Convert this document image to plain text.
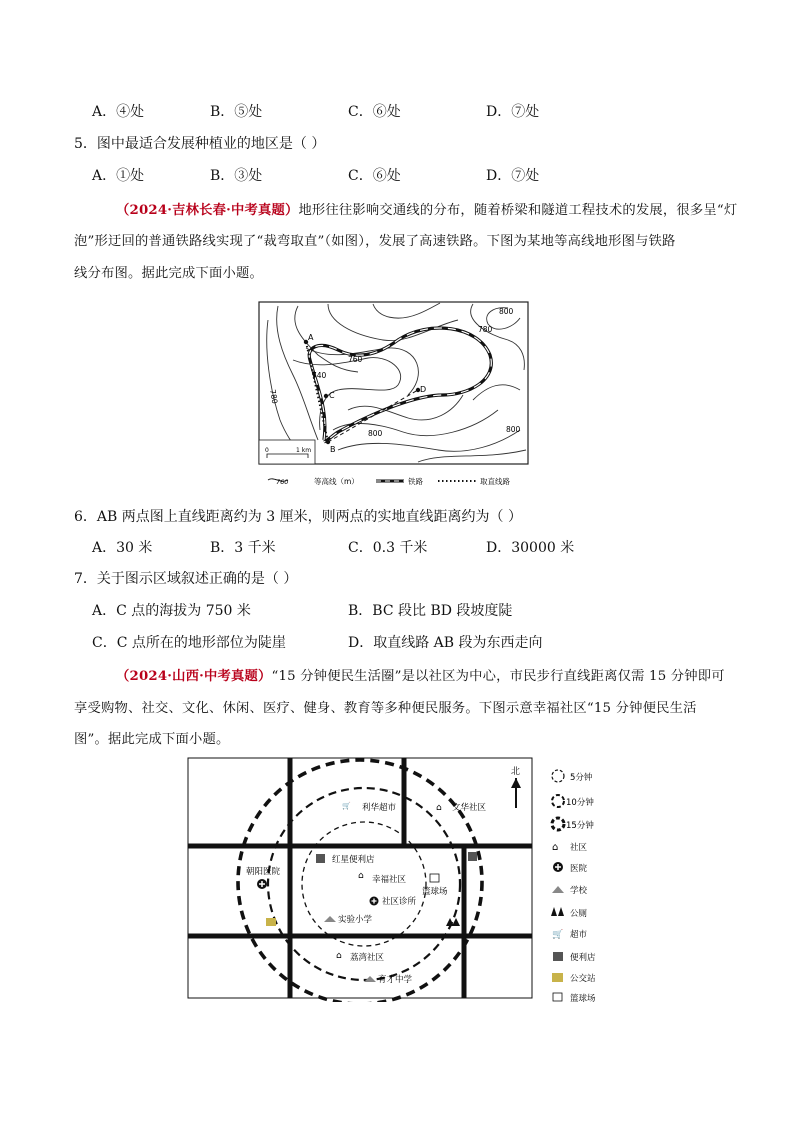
A．④处	B．⑤处	C．⑥处	D．⑦处
5．图中最适合发展种植业的地区是（ ）
A．①处	B．③处	C．⑥处	D．⑦处
（2024·吉林长春·中考真题）地形往往影响交通线的分布，随着桥梁和隧道工程技术的发展，很多呈“灯
泡”形迂回的普通铁路线实现了“裁弯取直”（如图），发展了高速铁路。下图为某地等高线地形图与铁路
线分布图。据此完成下面小题。
A
B
C
D
800
780
760
740
780
800	800
0	1 km
760	等高线（m）	铁路	取直线路
6．AB 两点图上直线距离约为 3 厘米，则两点的实地直线距离约为（ ）
A．30 米	B．3 千米	C．0.3 千米	D．30000 米
7．关于图示区域叙述正确的是（ ）
A．C 点的海拔为 750 米	B．BC 段比 BD 段坡度陡
C．C 点所在的地形部位为陡崖	D．取直线路 AB 段为东西走向
（2024·山西·中考真题）“15 分钟便民生活圈”是以社区为中心，市民步行直线距离仅需 15 分钟即可
享受购物、社交、文化、休闲、医疗、健身、教育等多种便民服务。下图示意幸福社区“15 分钟便民生活
图”。据此完成下面小题。
北
🛒 利华超市	⌂ 文华社区
红星便利店
朝阳医院	⌂ 幸福社区
篮球场
社区诊所
实验小学
⌂ 荔湾社区
育才中学
5分钟
10分钟
15分钟
⌂ 社区
医院
学校
公厕
🛒 超市
便利店
公交站
篮球场
